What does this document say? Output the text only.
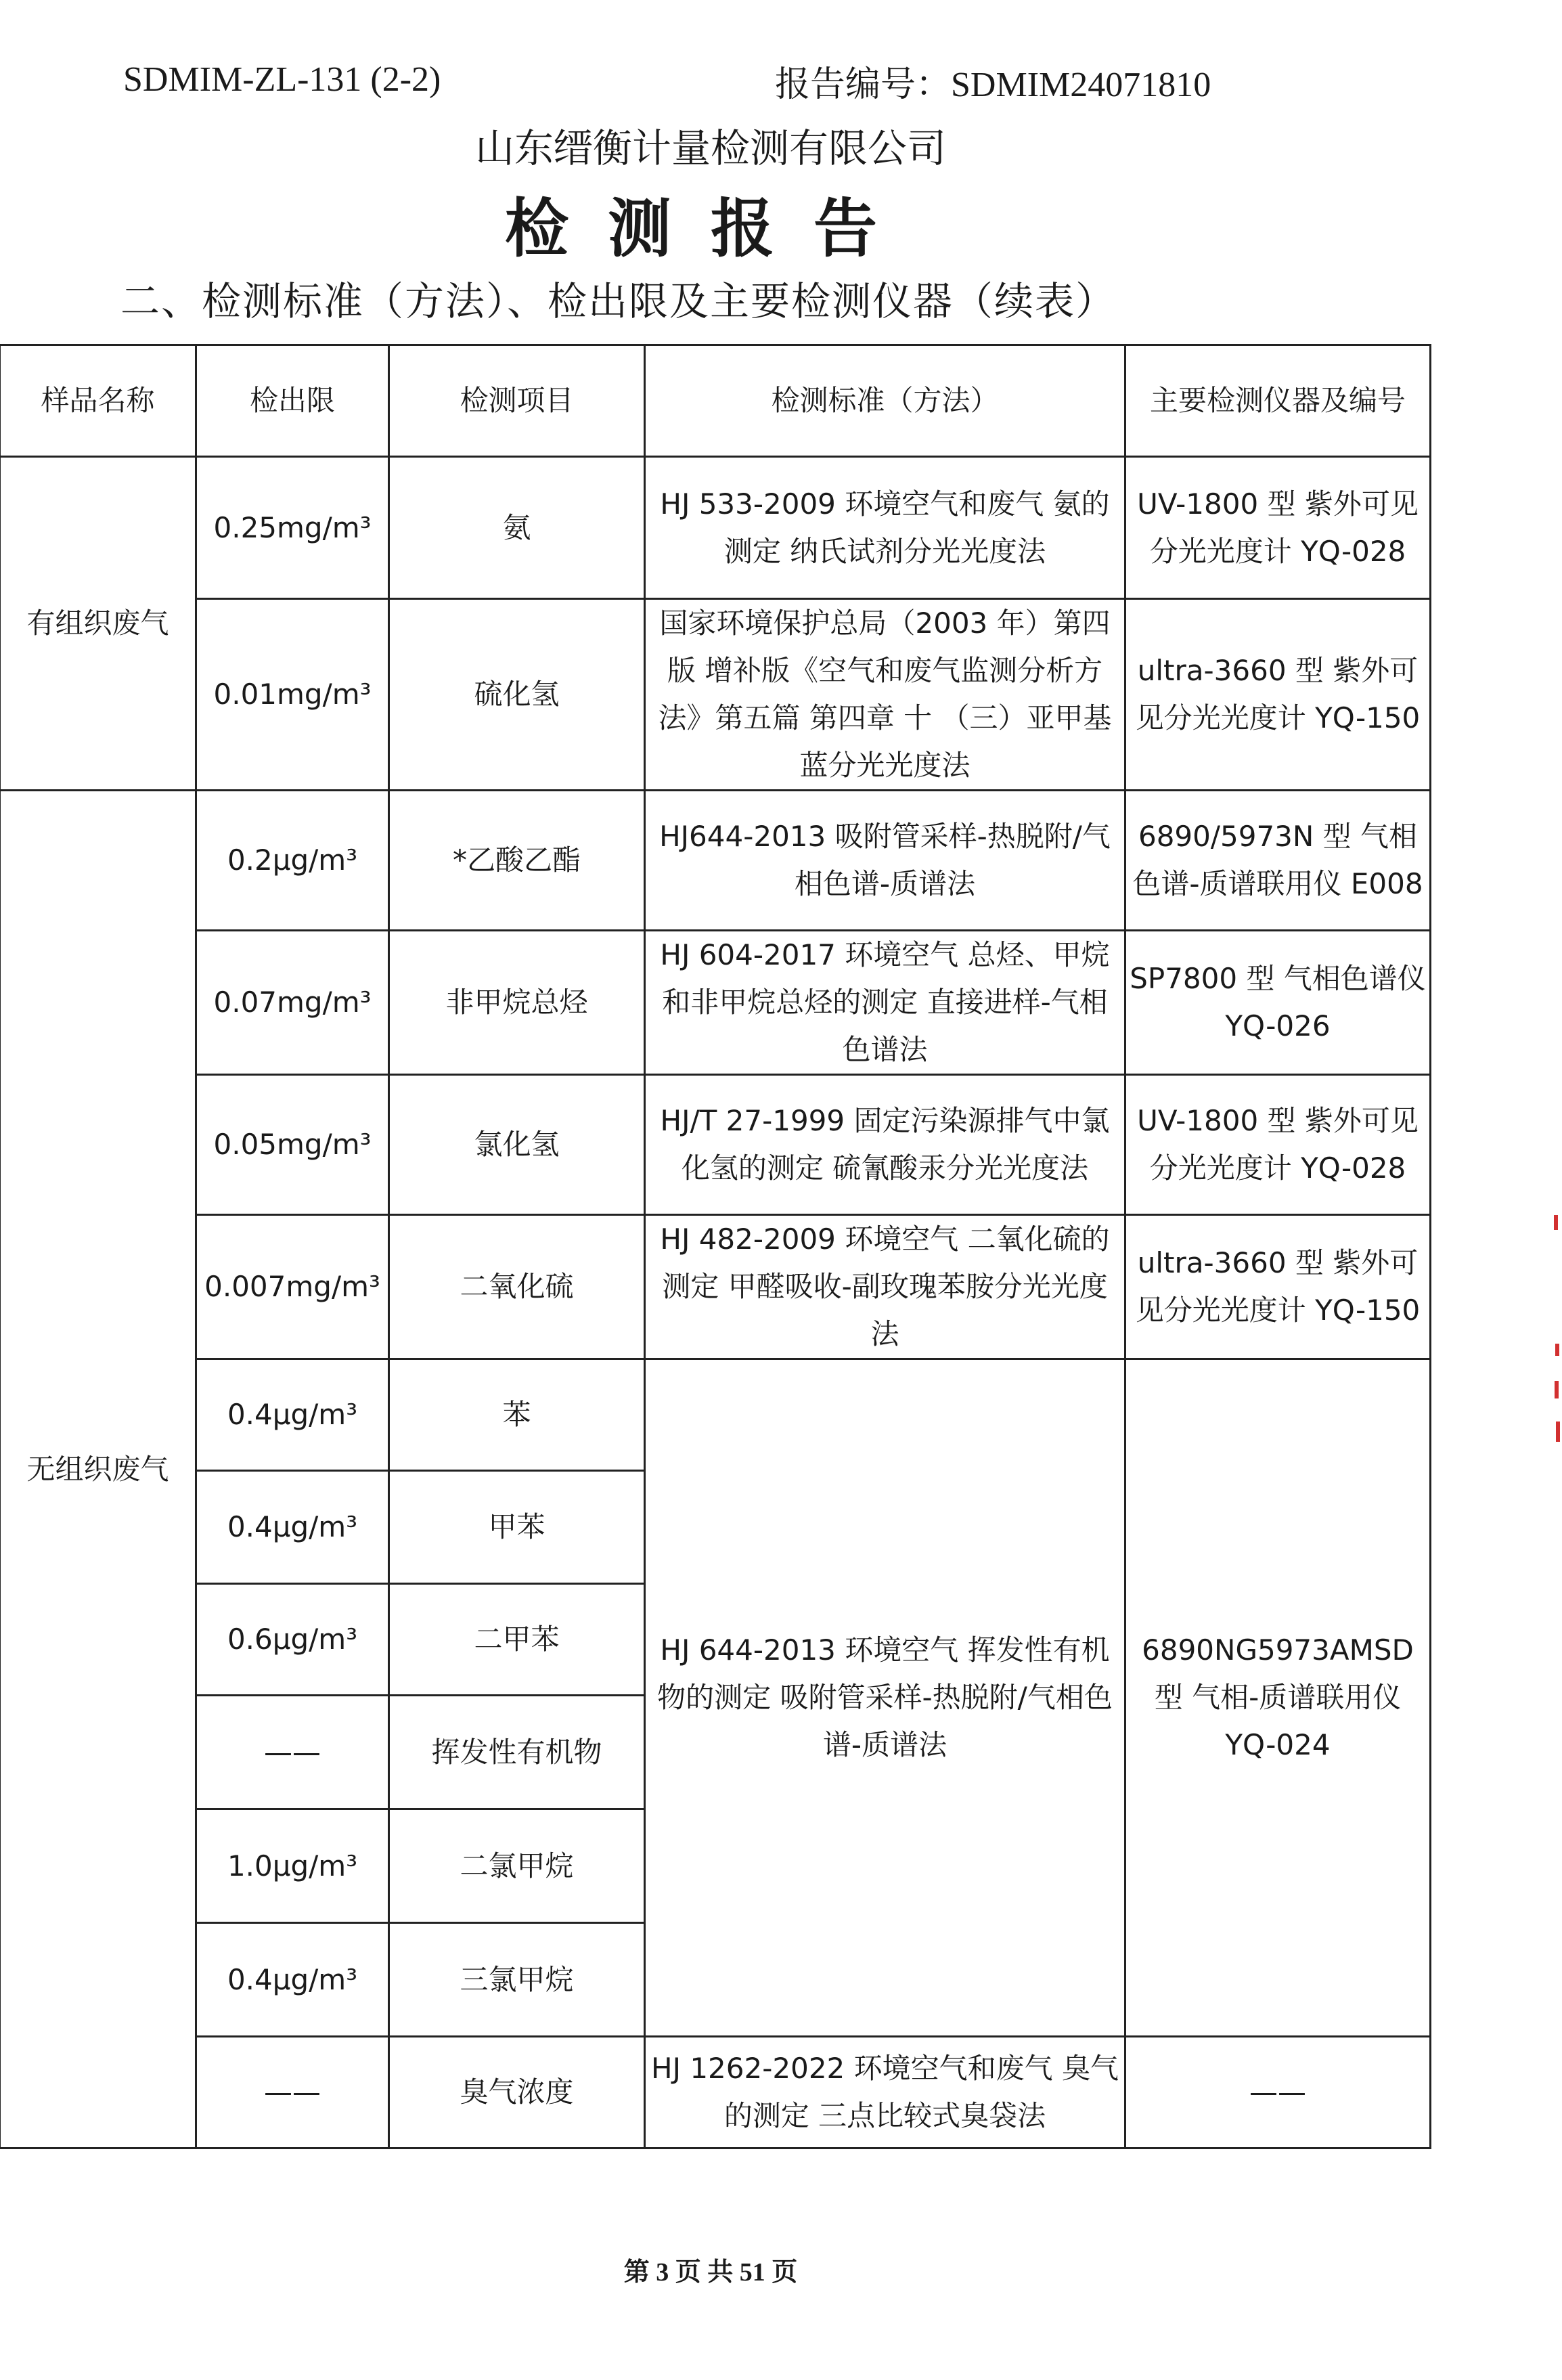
SDMIM-ZL-131 (2-2)	报告编号：SDMIM24071810
山东缙衡计量检测有限公司
检测报告
二、检测标准（方法）、检出限及主要检测仪器（续表）
样品名称	检出限	检测项目	检测标准（方法）	主要检测仪器及编号
有组织废气	0.25mg/m³	氨	HJ 533-2009 环境空气和废气 氨的测定 纳氏试剂分光光度法	UV-1800 型 紫外可见分光光度计 YQ-028
	0.01mg/m³	硫化氢	国家环境保护总局（2003 年）第四版 增补版《空气和废气监测分析方法》第五篇 第四章 十 （三）亚甲基蓝分光光度法	ultra-3660 型 紫外可见分光光度计 YQ-150
无组织废气	0.2μg/m³	*乙酸乙酯	HJ644-2013 吸附管采样-热脱附/气相色谱-质谱法	6890/5973N 型 气相色谱-质谱联用仪 E008
	0.07mg/m³	非甲烷总烃	HJ 604-2017 环境空气 总烃、甲烷和非甲烷总烃的测定 直接进样-气相色谱法	SP7800 型 气相色谱仪 YQ-026
	0.05mg/m³	氯化氢	HJ/T 27-1999 固定污染源排气中氯化氢的测定 硫氰酸汞分光光度法	UV-1800 型 紫外可见分光光度计 YQ-028
	0.007mg/m³	二氧化硫	HJ 482-2009 环境空气 二氧化硫的测定 甲醛吸收-副玫瑰苯胺分光光度法	ultra-3660 型 紫外可见分光光度计 YQ-150
	0.4μg/m³	苯	HJ 644-2013 环境空气 挥发性有机物的测定 吸附管采样-热脱附/气相色谱-质谱法	6890NG5973AMSD 型 气相-质谱联用仪 YQ-024
	0.4μg/m³	甲苯		
	0.6μg/m³	二甲苯		
	——	挥发性有机物		
	1.0μg/m³	二氯甲烷		
	0.4μg/m³	三氯甲烷		
	——	臭气浓度	HJ 1262-2022 环境空气和废气 臭气的测定 三点比较式臭袋法	——
第 3 页 共 51 页
